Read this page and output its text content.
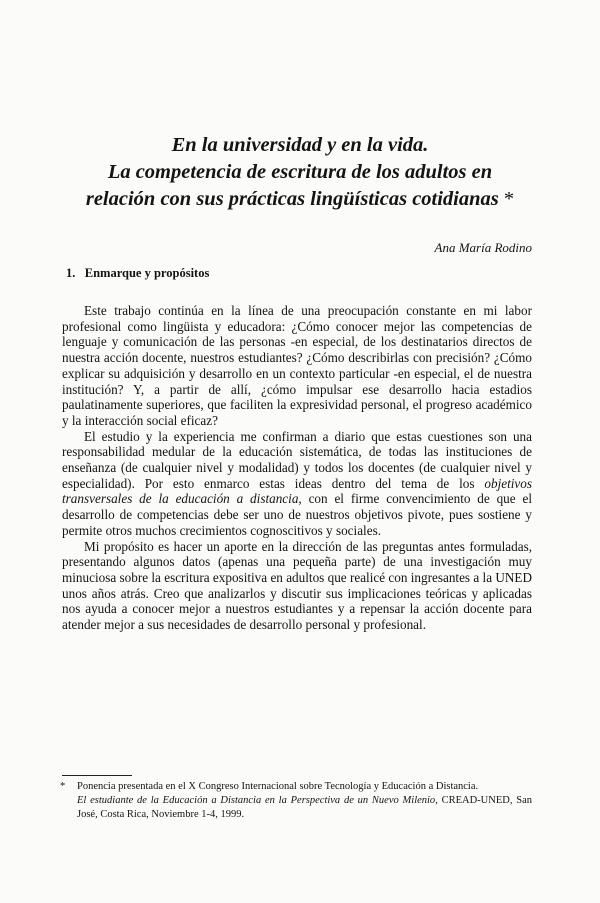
En la universidad y en la vida.
La competencia de escritura de los adultos en
relación con sus prácticas lingüísticas cotidianas *
Ana María Rodino
1. Enmarque y propósitos

Este trabajo continúa en la línea de una preocupación constante en mi labor profesional como lingüista y educadora: ¿Cómo conocer mejor las competencias de lenguaje y comunicación de las personas -en especial, de los destinatarios directos de nuestra acción docente, nuestros estudiantes? ¿Cómo describirlas con precisión? ¿Cómo explicar su adquisición y desarrollo en un contexto particular -en especial, el de nuestra institución? Y, a partir de allí, ¿cómo impulsar ese desarrollo hacia estadios paulatinamente superiores, que faciliten la expresividad personal, el progreso académico y la interacción social eficaz?

El estudio y la experiencia me confirman a diario que estas cuestiones son una responsabilidad medular de la educación sistemática, de todas las instituciones de enseñanza (de cualquier nivel y modalidad) y todos los docentes (de cualquier nivel y especialidad). Por esto enmarco estas ideas dentro del tema de los objetivos transversales de la educación a distancia, con el firme convencimiento de que el desarrollo de competencias debe ser uno de nuestros objetivos pivote, pues sostiene y permite otros muchos crecimientos cognoscitivos y sociales.

Mi propósito es hacer un aporte en la dirección de las preguntas antes formuladas, presentando algunos datos (apenas una pequeña parte) de una investigación muy minuciosa sobre la escritura expositiva en adultos que realicé con ingresantes a la UNED unos años atrás. Creo que analizarlos y discutir sus implicaciones teóricas y aplicadas nos ayuda a conocer mejor a nuestros estudiantes y a repensar la acción docente para atender mejor a sus necesidades de desarrollo personal y profesional.

*	Ponencia presentada en el X Congreso Internacional sobre Tecnología y Educación a Distancia.
El estudiante de la Educación a Distancia en la Perspectiva de un Nuevo Milenio, CREAD-UNED, San José, Costa Rica, Noviembre 1-4, 1999.
